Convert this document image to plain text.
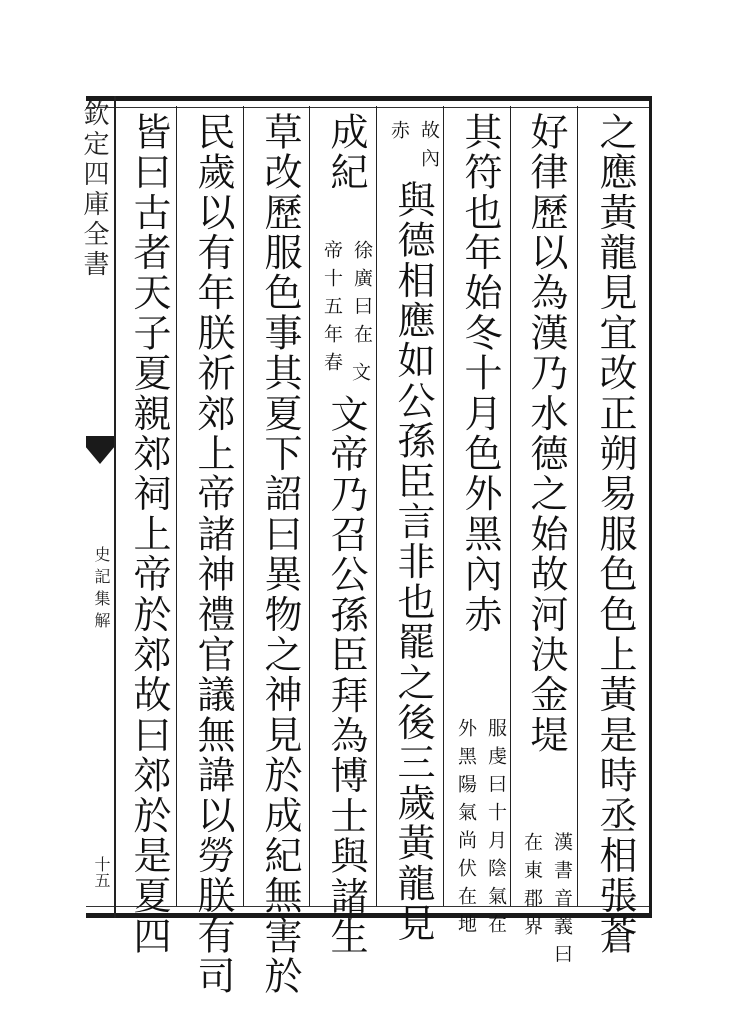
欽定四庫全書
史記集解
十五	之應黃龍見宜改正朔易服色色上黃是時丞相張蒼
好律歷以為漢乃水德之始故河決金堤
漢書音義曰
在東郡界
其符也年始冬十月色外黑內赤
服虔曰十月陰氣在
外黑陽氣尚伏在地
故內
赤
與德相應如公孫臣言非也罷之後三歲黃龍見
成紀
徐廣曰在
帝十五年春 文
文帝乃召公孫臣拜為博士與諸生
草改歷服色事其夏下詔曰異物之神見於成紀無害於
民歲以有年朕祈郊上帝諸神禮官議無諱以勞朕有司
皆曰古者天子夏親郊祠上帝於郊故曰郊於是夏四
